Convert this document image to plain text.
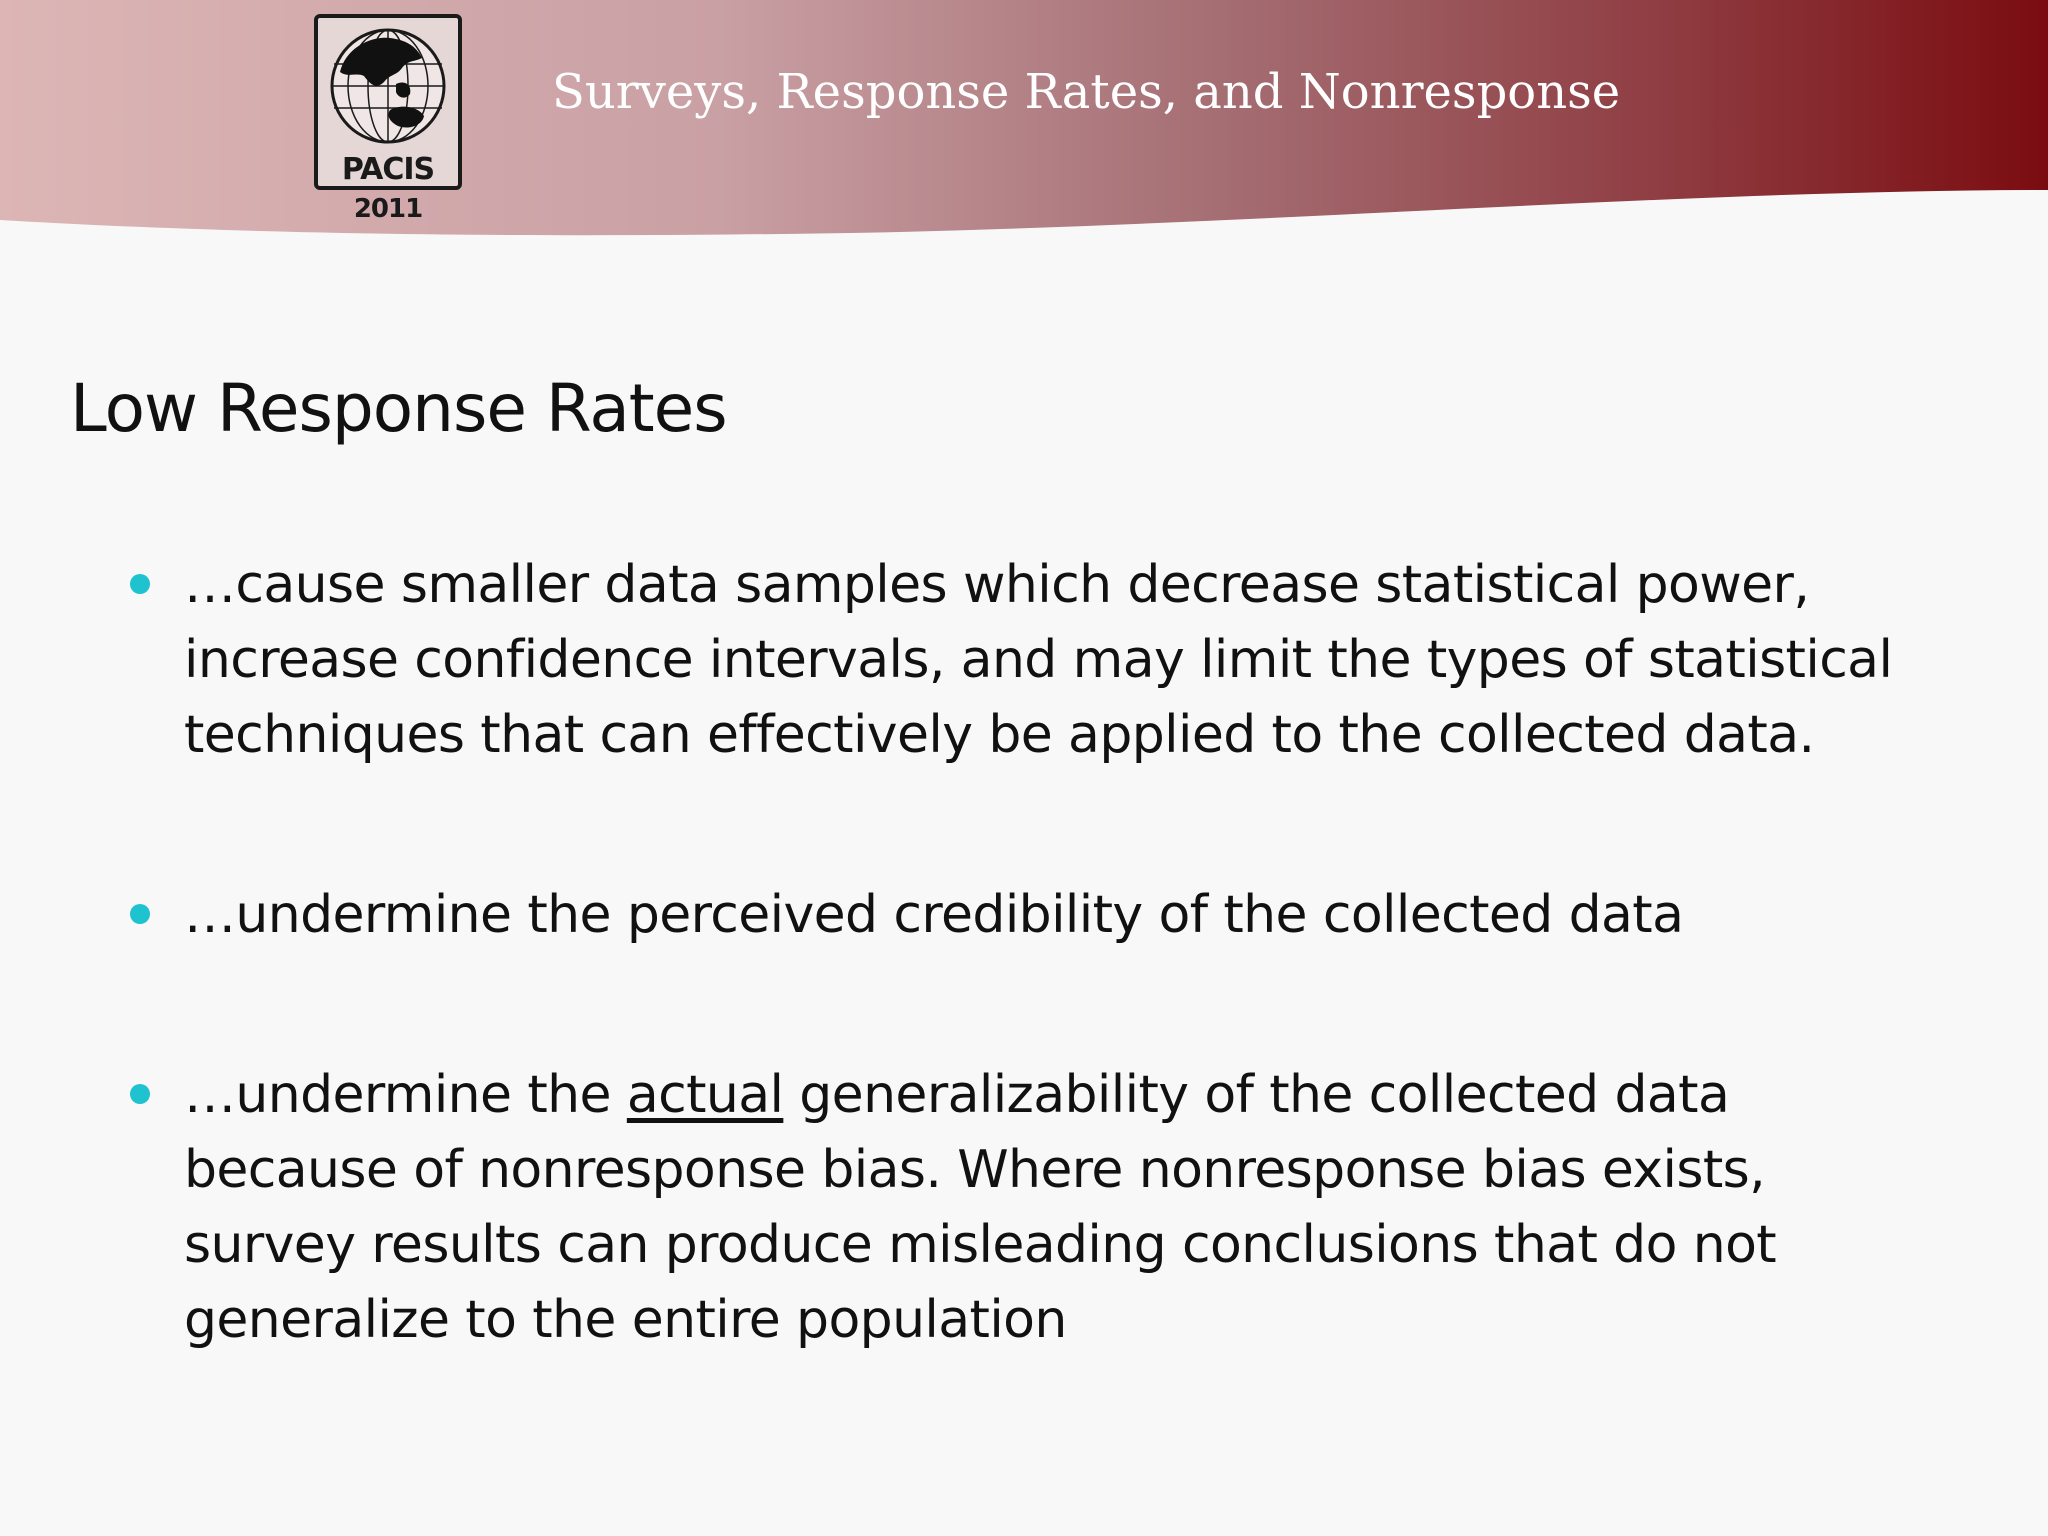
PACIS
2011
Surveys, Response Rates, and Nonresponse
Low Response Rates
…cause smaller data samples which decrease statistical power,
increase confidence intervals, and may limit the types of statistical
techniques that can effectively be applied to the collected data.
…undermine the perceived credibility of the collected data
…undermine the actual generalizability of the collected data
because of nonresponse bias. Where nonresponse bias exists,
survey results can produce misleading conclusions that do not
generalize to the entire population
